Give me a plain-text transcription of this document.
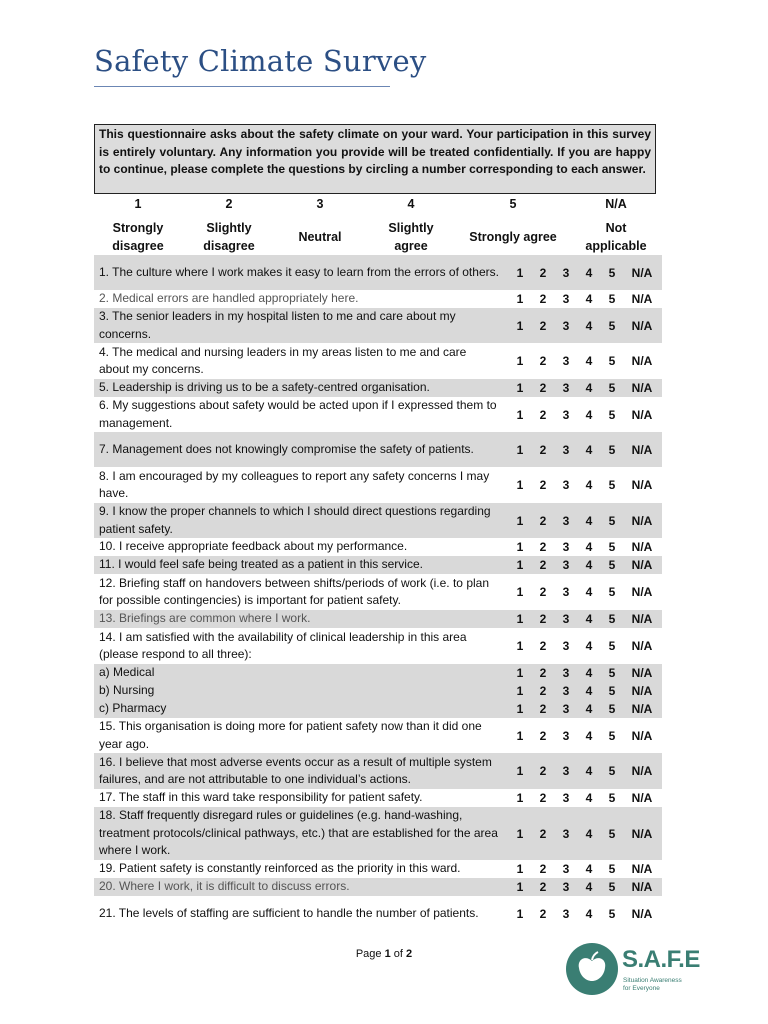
Safety Climate Survey
This questionnaire asks about the safety climate on your ward. Your participation in this survey is entirely voluntary. Any information you provide will be treated confidentially. If you are happy to continue, please complete the questions by circling a number corresponding to each answer.
1	2	3	4	5	N/A
Strongly disagree
Slightly disagree
Neutral
Slightly agree
Strongly agree
Not applicable
1. The culture where I work makes it easy to learn from the errors of others. 1 2 3 4 5 N/A
2. Medical errors are handled appropriately here.	1 2 3 4 5 N/A
3. The senior leaders in my hospital listen to me and care about my concerns.
1 2 3 4 5 N/A
4. The medical and nursing leaders in my areas listen to me and care about my concerns.
1 2 3 4 5 N/A
5. Leadership is driving us to be a safety-centred organisation.	1 2 3 4 5 N/A
6. My suggestions about safety would be acted upon if I expressed them to management.
1 2 3 4 5 N/A
7. Management does not knowingly compromise the safety of patients.	1 2 3 4 5 N/A
8. I am encouraged by my colleagues to report any safety concerns I may have.
1 2 3 4 5 N/A
9. I know the proper channels to which I should direct questions regarding patient safety.
1 2 3 4 5 N/A
10. I receive appropriate feedback about my performance.	1 2 3 4 5 N/A
11. I would feel safe being treated as a patient in this service.	1 2 3 4 5 N/A
12. Briefing staff on handovers between shifts/periods of work (i.e. to plan for possible contingencies) is important for patient safety.
1 2 3 4 5 N/A
13. Briefings are common where I work.	1 2 3 4 5 N/A
14. I am satisfied with the availability of clinical leadership in this area (please respond to all three):
1 2 3 4 5 N/A
a) Medical	1 2 3 4 5 N/A
b) Nursing	1 2 3 4 5 N/A
c) Pharmacy	1 2 3 4 5 N/A
15. This organisation is doing more for patient safety now than it did one year ago.
1 2 3 4 5 N/A
16. I believe that most adverse events occur as a result of multiple system failures, and are not attributable to one individual’s actions.
1 2 3 4 5 N/A
17. The staff in this ward take responsibility for patient safety.	1 2 3 4 5 N/A
18. Staff frequently disregard rules or guidelines (e.g. hand-washing, treatment protocols/clinical pathways, etc.) that are established for the area where I work.
1 2 3 4 5 N/A
19. Patient safety is constantly reinforced as the priority in this ward.	1 2 3 4 5 N/A
20. Where I work, it is difficult to discuss errors.	1 2 3 4 5 N/A
21. The levels of staffing are sufficient to handle the number of patients.	1 2 3 4 5 N/A
Page 1 of 2	S.A.F.E
Situation Awareness
for Everyone
